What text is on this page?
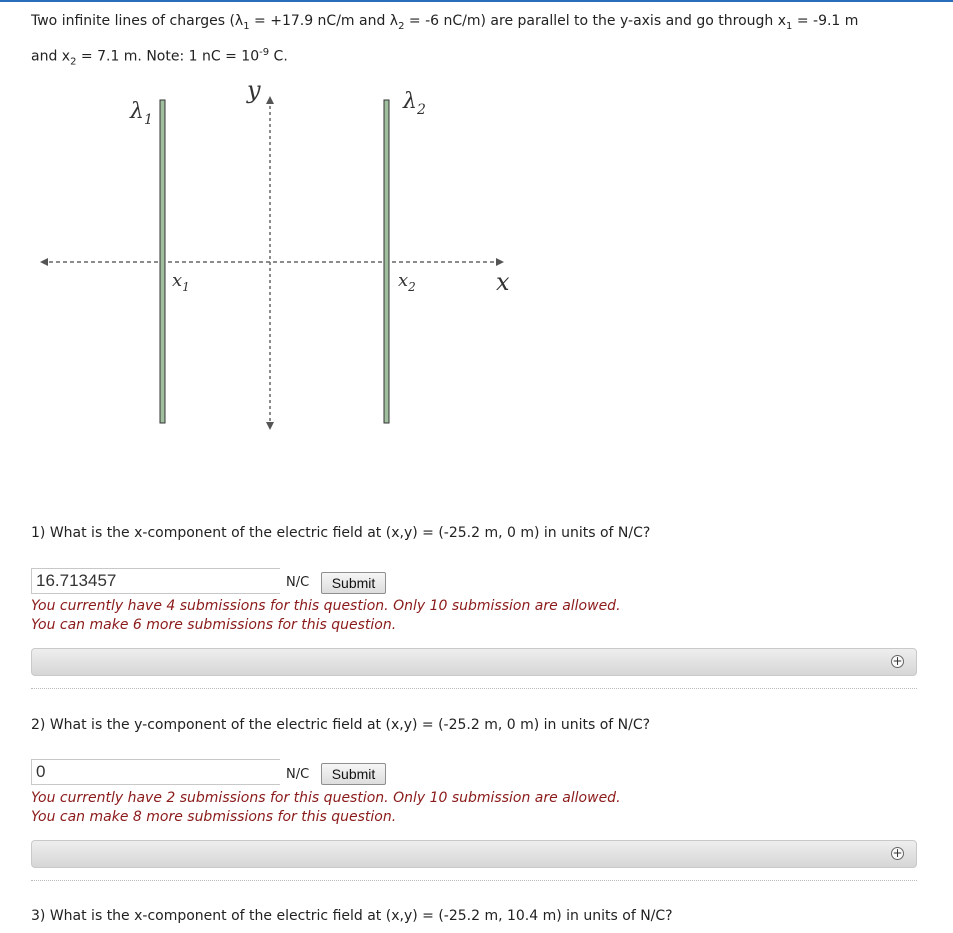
Two infinite lines of charges ($\lambda_1 = +17.9$ nC/m and $\lambda_2 = -6$ nC/m) are parallel to the y-axis and go through $x_1 = -9.1$ m
and $x_2 = 7.1$ m. Note: 1 nC = $10^{-9}$ C.
$\lambda_1$
$\lambda_2$
y
x
$x_1$	$x_2$
1) What is the x-component of the electric field at (x,y) = (-25.2 m, 0 m) in units of N/C?
16.713457
N/C	Submit
You currently have 4 submissions for this question. Only 10 submission are allowed.
You can make 6 more submissions for this question.
+
2) What is the y-component of the electric field at (x,y) = (-25.2 m, 0 m) in units of N/C?
0
N/C	Submit
You currently have 2 submissions for this question. Only 10 submission are allowed.
You can make 8 more submissions for this question.
+
3) What is the x-component of the electric field at (x,y) = (-25.2 m, 10.4 m) in units of N/C?
